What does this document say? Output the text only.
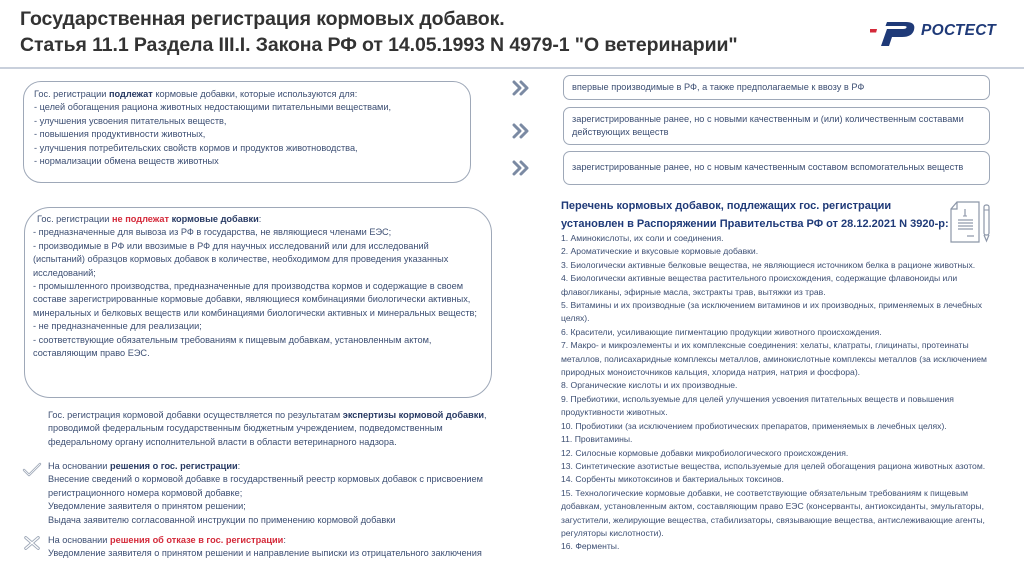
Государственная регистрация кормовых добавок.
Статья 11.1 Раздела III.I. Закона РФ от 14.05.1993 N 4979-1 "О ветеринарии"
РОСТЕСТ
Гос. регистрации подлежат кормовые добавки, которые используются для:
- целей обогащения рациона животных недостающими питательными веществами,
- улучшения усвоения питательных веществ,
- повышения продуктивности животных,
- улучшения потребительских свойств кормов и продуктов животноводства,
- нормализации обмена веществ животных
впервые производимые в РФ, а также предполагаемые к ввозу в РФ
зарегистрированные ранее, но с новыми качественным и (или) количественным составами действующих веществ
зарегистрированные ранее, но с новым качественным составом вспомогательных веществ
Гос. регистрации не подлежат кормовые добавки:
- предназначенные для вывоза из РФ в государства, не являющиеся членами ЕЭС;
- производимые в РФ или ввозимые в РФ для научных исследований или для исследований (испытаний) образцов кормовых добавок в количестве, необходимом для проведения указанных исследований;
- промышленного производства, предназначенные для производства кормов и содержащие в своем составе зарегистрированные кормовые добавки, являющиеся комбинациями биологически активных, минеральных и белковых веществ или комбинациями биологически активных и минеральных веществ;
- не предназначенные для реализации;
- соответствующие обязательным требованиям к пищевым добавкам, установленным актом, составляющим право ЕЭС.
Гос. регистрация кормовой добавки осуществляется по результатам экспертизы кормовой добавки, проводимой федеральным государственным бюджетным учреждением, подведомственным федеральному органу исполнительной власти в области ветеринарного надзора.
На основании решения о гос. регистрации:
Внесение сведений о кормовой добавке в государственный реестр кормовых добавок с присвоением регистрационного номера кормовой добавке;
Уведомление заявителя о принятом решении;
Выдача заявителю согласованной инструкции по применению кормовой добавки
На основании решения об отказе в гос. регистрации:
Уведомление заявителя о принятом решении и направление выписки из отрицательного заключения
Перечень кормовых добавок, подлежащих гос. регистрации
установлен в Распоряжении Правительства РФ от 28.12.2021 N 3920-р:
1. Аминокислоты, их соли и соединения.
2. Ароматические и вкусовые кормовые добавки.
3. Биологически активные белковые вещества, не являющиеся источником белка в рационе животных.
4. Биологически активные вещества растительного происхождения, содержащие флавоноиды или флавогликаны, эфирные масла, экстракты трав, вытяжки из трав.
5. Витамины и их производные (за исключением витаминов и их производных, применяемых в лечебных целях).
6. Красители, усиливающие пигментацию продукции животного происхождения.
7. Макро- и микроэлементы и их комплексные соединения: хелаты, клатраты, глицинаты, протеинаты металлов, полисахаридные комплексы металлов, аминокислотные комплексы металлов (за исключением природных моноисточников кальция, хлорида натрия, натрия и фосфора).
8. Органические кислоты и их производные.
9. Пребиотики, используемые для целей улучшения усвоения питательных веществ и повышения продуктивности животных.
10. Пробиотики (за исключением пробиотических препаратов, применяемых в лечебных целях).
11. Провитамины.
12. Силосные кормовые добавки микробиологического происхождения.
13. Синтетические азотистые вещества, используемые для целей обогащения рациона животных азотом.
14. Сорбенты микотоксинов и бактериальных токсинов.
15. Технологические кормовые добавки, не соответствующие обязательным требованиям к пищевым добавкам, установленным актом, составляющим право ЕЭС (консерванты, антиоксиданты, эмульгаторы, загустители, желирующие вещества, стабилизаторы, связывающие вещества, антислеживающие агенты, регуляторы кислотности).
16. Ферменты.
